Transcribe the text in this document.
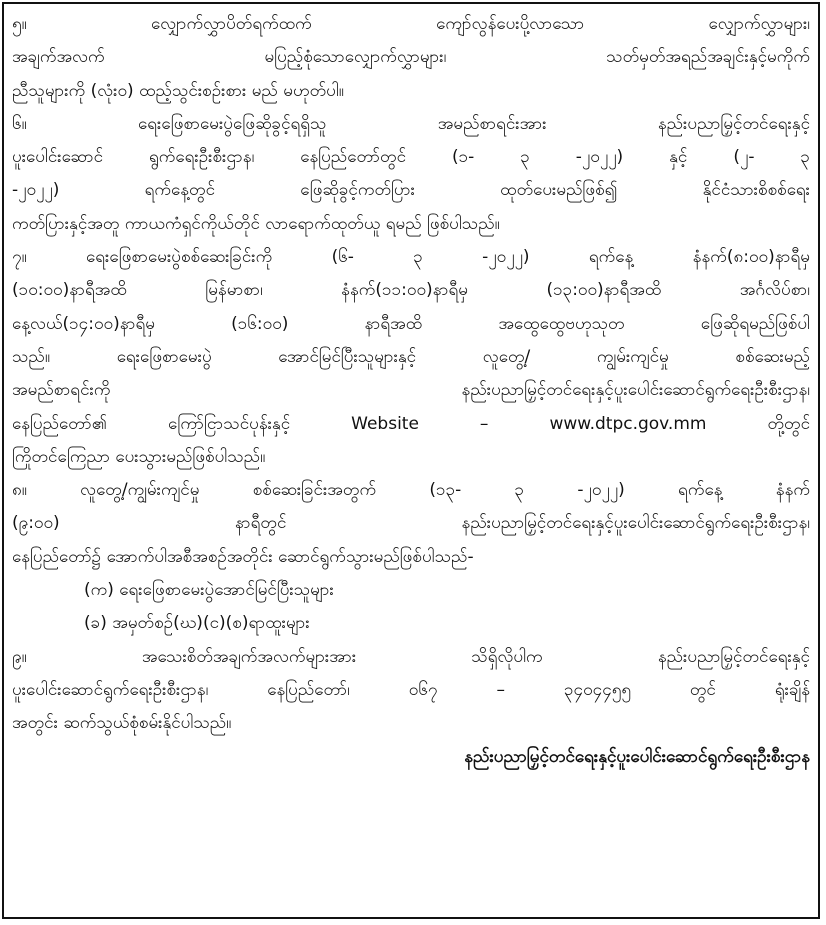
၅။ လျှောက်လွှာပိတ်ရက်ထက် ကျော်လွန်ပေးပို့လာသော လျှောက်လွှာများ၊
အချက်အလက် မပြည့်စုံသောလျှောက်လွှာများ၊ သတ်မှတ်အရည်အချင်းနှင့်မကိုက်
ညီသူများကို (လုံးဝ) ထည့်သွင်းစဉ်းစား မည် မဟုတ်ပါ။
၆။ ရေးဖြေစာမေးပွဲဖြေဆိုခွင့်ရရှိသူ အမည်စာရင်းအား နည်းပညာမြှင့်တင်ရေးနှင့်
ပူးပေါင်းဆောင် ရွက်ရေးဦးစီးဌာန၊ နေပြည်တော်တွင် (၁- ၃ -၂၀၂၂) နှင့် (၂- ၃
-၂၀၂၂) ရက်နေ့တွင် ဖြေဆိုခွင့်ကတ်ပြား ထုတ်ပေးမည်ဖြစ်၍ နိုင်ငံသားစိစစ်ရေး
ကတ်ပြားနှင့်အတူ ကာယကံရှင်ကိုယ်တိုင် လာရောက်ထုတ်ယူ ရမည် ဖြစ်ပါသည်။
၇။ ရေးဖြေစာမေးပွဲစစ်ဆေးခြင်းကို (၆- ၃ -၂၀၂၂) ရက်နေ့ နံနက်(၈:၀၀)နာရီမှ
(၁၀:၀၀)နာရီအထိ မြန်မာစာ၊ နံနက်(၁၁:၀၀)နာရီမှ (၁၃:၀၀)နာရီအထိ အင်္ဂလိပ်စာ၊
နေ့လယ်(၁၄:၀၀)နာရီမှ (၁၆:၀၀) နာရီအထိ အထွေထွေဗဟုသုတ ဖြေဆိုရမည်ဖြစ်ပါ
သည်။ ရေးဖြေစာမေးပွဲ အောင်မြင်ပြီးသူများနှင့် လူတွေ့/ ကျွမ်းကျင်မှု စစ်ဆေးမည့်
အမည်စာရင်းကို နည်းပညာမြှင့်တင်ရေးနှင့်ပူးပေါင်းဆောင်ရွက်ရေးဦးစီးဌာန၊
နေပြည်တော်၏ ကြော်ငြာသင်ပုန်းနှင့် Website – www.dtpc.gov.mm တို့တွင်
ကြိုတင်ကြေညာ ပေးသွားမည်ဖြစ်ပါသည်။
၈။ လူတွေ့/ကျွမ်းကျင်မှု စစ်ဆေးခြင်းအတွက် (၁၃- ၃ -၂၀၂၂) ရက်နေ့ နံနက်
(၉:၀၀) နာရီတွင် နည်းပညာမြှင့်တင်ရေးနှင့်ပူးပေါင်းဆောင်ရွက်ရေးဦးစီးဌာန၊
နေပြည်တော်၌ အောက်ပါအစီအစဉ်အတိုင်း ဆောင်ရွက်သွားမည်ဖြစ်ပါသည်-
(က) ရေးဖြေစာမေးပွဲအောင်မြင်ပြီးသူများ
(ခ) အမှတ်စဉ်(ဃ)(င)(စ)ရာထူးများ
၉။ အသေးစိတ်အချက်အလက်များအား သိရှိလိုပါက နည်းပညာမြှင့်တင်ရေးနှင့်
ပူးပေါင်းဆောင်ရွက်ရေးဦးစီးဌာန၊ နေပြည်တော်၊ ၀၆၇ – ၃၄၀၄၄၅၅ တွင် ရုံးချိန်
အတွင်း ဆက်သွယ်စုံစမ်းနိုင်ပါသည်။
နည်းပညာမြှင့်တင်ရေးနှင့်ပူးပေါင်းဆောင်ရွက်ရေးဦးစီးဌာန
